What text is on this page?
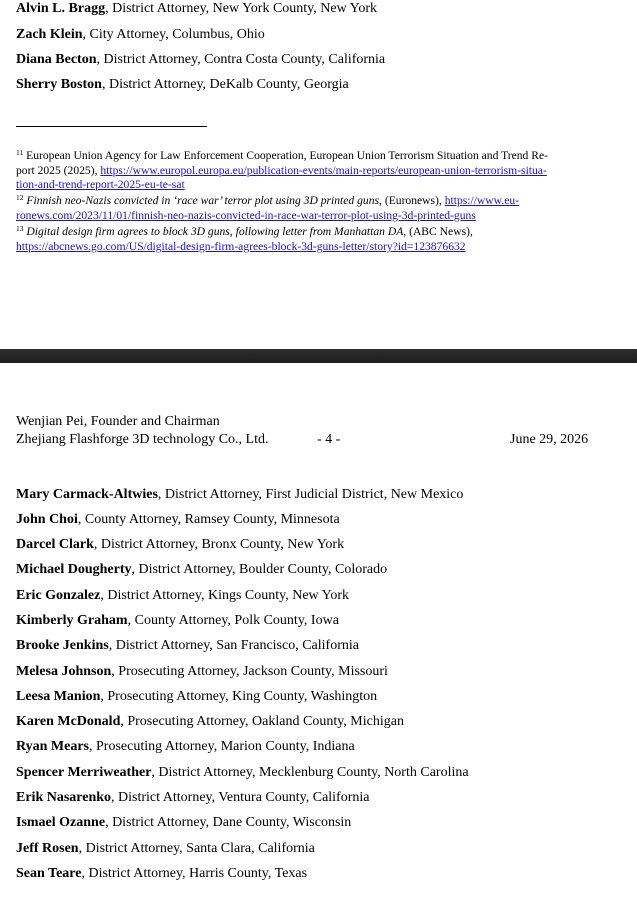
Alvin L. Bragg, District Attorney, New York County, New York
Zach Klein, City Attorney, Columbus, Ohio
Diana Becton, District Attorney, Contra Costa County, California
Sherry Boston, District Attorney, DeKalb County, Georgia
$^{11}$ European Union Agency for Law Enforcement Cooperation, European Union Terrorism Situation and Trend Re-
port 2025 (2025), https://www.europol.europa.eu/publication-events/main-reports/european-union-terrorism-situa-
tion-and-trend-report-2025-eu-te-sat
$^{12}$ Finnish neo-Nazis convicted in ‘race war’ terror plot using 3D printed guns, (Euronews), https://www.eu-
ronews.com/2023/11/01/finnish-neo-nazis-convicted-in-race-war-terror-plot-using-3d-printed-guns
$^{13}$ Digital design firm agrees to block 3D guns, following letter from Manhattan DA, (ABC News),
https://abcnews.go.com/US/digital-design-firm-agrees-block-3d-guns-letter/story?id=123876632
Wenjian Pei, Founder and Chairman
Zhejiang Flashforge 3D technology Co., Ltd.	- 4 -	June 29, 2026
Mary Carmack-Altwies, District Attorney, First Judicial District, New Mexico
John Choi, County Attorney, Ramsey County, Minnesota
Darcel Clark, District Attorney, Bronx County, New York
Michael Dougherty, District Attorney, Boulder County, Colorado
Eric Gonzalez, District Attorney, Kings County, New York
Kimberly Graham, County Attorney, Polk County, Iowa
Brooke Jenkins, District Attorney, San Francisco, California
Melesa Johnson, Prosecuting Attorney, Jackson County, Missouri
Leesa Manion, Prosecuting Attorney, King County, Washington
Karen McDonald, Prosecuting Attorney, Oakland County, Michigan
Ryan Mears, Prosecuting Attorney, Marion County, Indiana
Spencer Merriweather, District Attorney, Mecklenburg County, North Carolina
Erik Nasarenko, District Attorney, Ventura County, California
Ismael Ozanne, District Attorney, Dane County, Wisconsin
Jeff Rosen, District Attorney, Santa Clara, California
Sean Teare, District Attorney, Harris County, Texas
